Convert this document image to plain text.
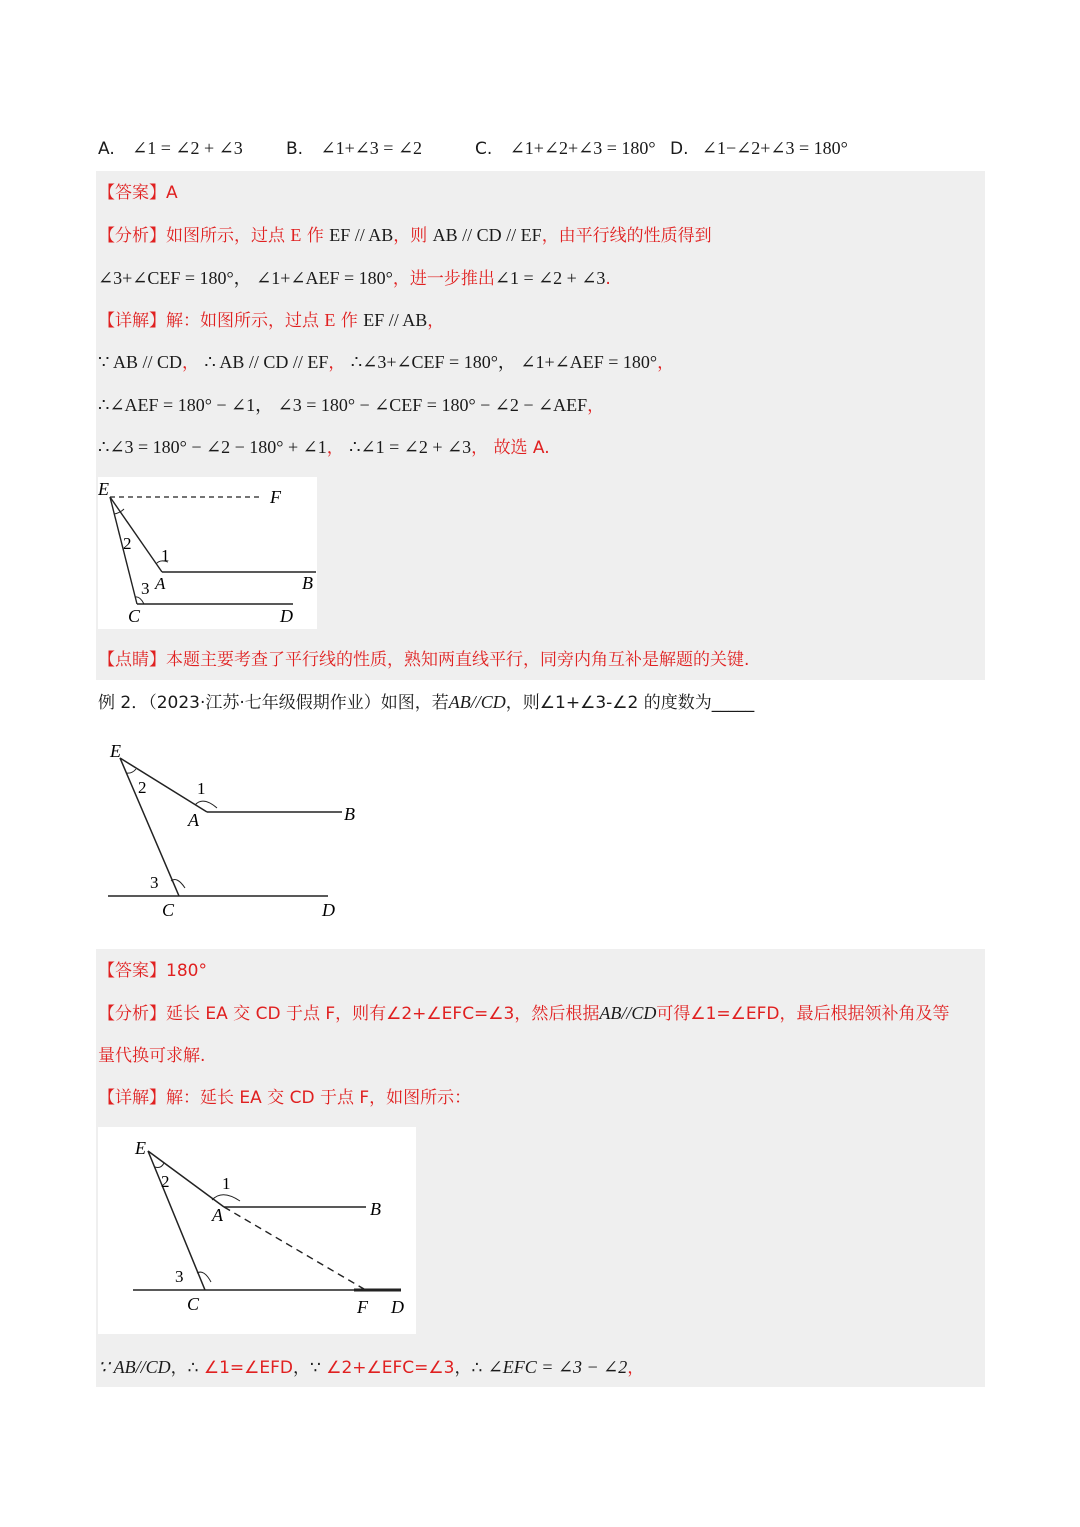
A. ∠1 = ∠2 + ∠3	B. ∠1+∠3 = ∠2	C. ∠1+∠2+∠3 = 180° D. ∠1−∠2+∠3 = 180°
【答案】A
【分析】如图所示，过点 E 作 EF // AB，则 AB // CD // EF，由平行线的性质得到
∠3+∠CEF = 180°， ∠1+∠AEF = 180°，进一步推出∠1 = ∠2 + ∠3.
【详解】解：如图所示，过点 E 作 EF // AB，
∵ AB // CD， ∴ AB // CD // EF， ∴∠3+∠CEF = 180°， ∠1+∠AEF = 180°，
∴∠AEF = 180° − ∠1， ∠3 = 180° − ∠CEF = 180° − ∠2 − ∠AEF，
∴∠3 = 180° − ∠2 − 180° + ∠1， ∴∠1 = ∠2 + ∠3， 故选 A.
E	F
2
1
3 A	B
C	D
【点睛】本题主要考查了平行线的性质，熟知两直线平行，同旁内角互补是解题的关键.
例 2．（2023·江苏·七年级假期作业）如图，若AB//CD，则∠1+∠3-∠2 的度数为_____
E
2	1
A	B
3
C	D
【答案】180°
【分析】延长 EA 交 CD 于点 F，则有∠2+∠EFC=∠3，然后根据AB//CD可得∠1=∠EFD，最后根据领补角及等
量代换可求解.
【详解】解：延长 EA 交 CD 于点 F，如图所示：
E
2	1
A	B
3
C	F D
∵ AB//CD，∴ ∠1=∠EFD，∵ ∠2+∠EFC=∠3，∴ ∠EFC = ∠3 − ∠2，
